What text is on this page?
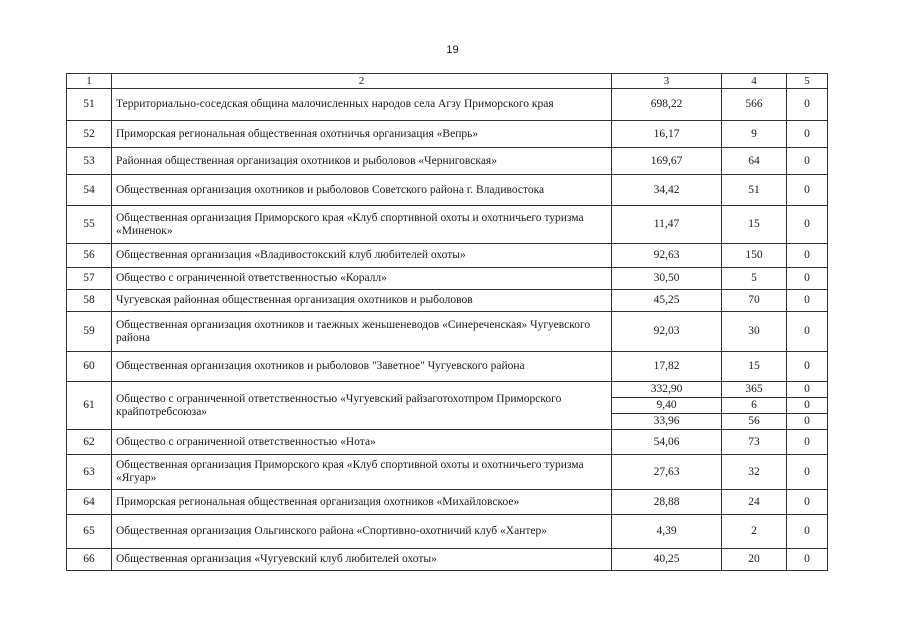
19
1	2	3	4	5
51	Территориально-соседская община малочисленных народов села Агзу Приморского края	698,22	566	0
52	Приморская региональная общественная охотничья организация «Вепрь»	16,17	9	0
53	Районная общественная организация охотников и рыболовов «Черниговская»	169,67	64	0
54	Общественная организация охотников и рыболовов Советского района г. Владивостока	34,42	51	0
55	Общественная организация Приморского края «Клуб спортивной охоты и охотничьего туризма «Миненок»	11,47	15	0
56	Общественная организация «Владивостокский клуб любителей охоты»	92,63	150	0
57	Общество с ограниченной ответственностью «Коралл»	30,50	5	0
58	Чугуевская районная общественная организация охотников и рыболовов	45,25	70	0
59	Общественная организация охотников и таежных женьшеневодов «Синереченская» Чугуевского района	92,03	30	0
60	Общественная организация охотников и рыболовов "Заветное" Чугуевского района	17,82	15	0
61	Общество с ограниченной ответственностью «Чугуевский райзаготохотпром Приморского крайпотребсоюза»	332,90	365	0
		9,40	6	0
		33,96	56	0
62	Общество с ограниченной ответственностью «Нота»	54,06	73	0
63	Общественная организация Приморского края «Клуб спортивной охоты и охотничьего туризма «Ягуар»	27,63	32	0
64	Приморская региональная общественная организация охотников «Михайловское»	28,88	24	0
65	Общественная организация Ольгинского района «Спортивно-охотничий клуб «Хантер»	4,39	2	0
66	Общественная организация «Чугуевский клуб любителей охоты»	40,25	20	0
